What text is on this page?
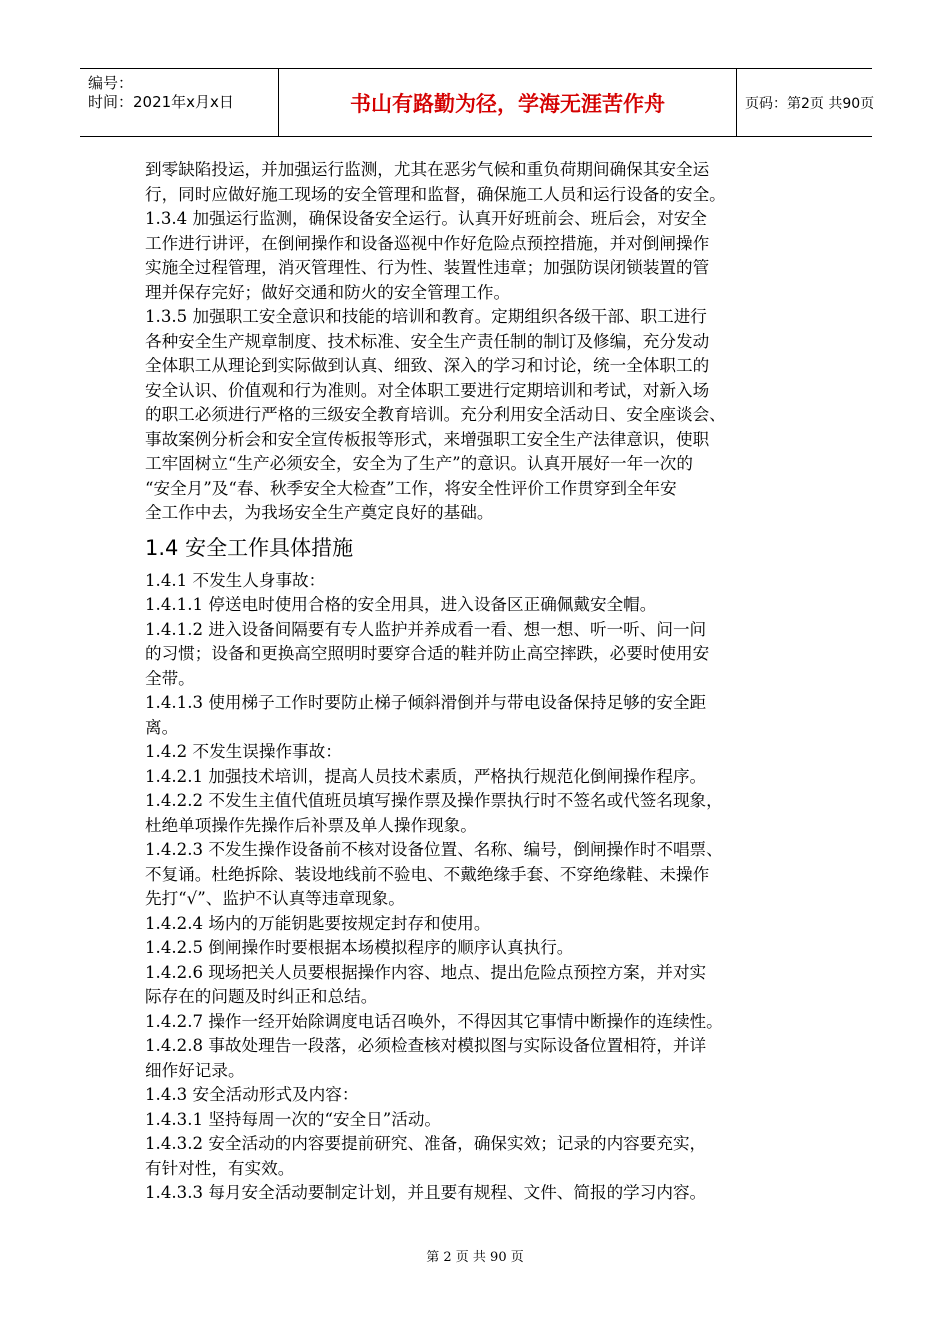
编号：
时间：2021年x月x日	书山有路勤为径，学海无涯苦作舟	页码：第2页 共90页

到零缺陷投运，并加强运行监测，尤其在恶劣气候和重负荷期间确保其安全运

行，同时应做好施工现场的安全管理和监督，确保施工人员和运行设备的安全。

1.3.4 加强运行监测，确保设备安全运行。认真开好班前会、班后会，对安全

工作进行讲评，在倒闸操作和设备巡视中作好危险点预控措施，并对倒闸操作

实施全过程管理，消灭管理性、行为性、装置性违章；加强防误闭锁装置的管

理并保存完好；做好交通和防火的安全管理工作。

1.3.5 加强职工安全意识和技能的培训和教育。定期组织各级干部、职工进行

各种安全生产规章制度、技术标准、安全生产责任制的制订及修编，充分发动

全体职工从理论到实际做到认真、细致、深入的学习和讨论，统一全体职工的

安全认识、价值观和行为准则。对全体职工要进行定期培训和考试，对新入场

的职工必须进行严格的三级安全教育培训。充分利用安全活动日、安全座谈会、

事故案例分析会和安全宣传板报等形式，来增强职工安全生产法律意识，使职

工牢固树立“生产必须安全，安全为了生产”的意识。认真开展好一年一次的

“安全月”及“春、秋季安全大检查”工作，将安全性评价工作贯穿到全年安

全工作中去，为我场安全生产奠定良好的基础。

1.4 安全工作具体措施

1.4.1 不发生人身事故：

1.4.1.1 停送电时使用合格的安全用具，进入设备区正确佩戴安全帽。

1.4.1.2 进入设备间隔要有专人监护并养成看一看、想一想、听一听、问一问

的习惯；设备和更换高空照明时要穿合适的鞋并防止高空摔跌，必要时使用安

全带。

1.4.1.3 使用梯子工作时要防止梯子倾斜滑倒并与带电设备保持足够的安全距

离。

1.4.2 不发生误操作事故：

1.4.2.1 加强技术培训，提高人员技术素质，严格执行规范化倒闸操作程序。

1.4.2.2 不发生主值代值班员填写操作票及操作票执行时不签名或代签名现象，

杜绝单项操作先操作后补票及单人操作现象。

1.4.2.3 不发生操作设备前不核对设备位置、名称、编号，倒闸操作时不唱票、

不复诵。杜绝拆除、装设地线前不验电、不戴绝缘手套、不穿绝缘鞋、未操作

先打“√”、监护不认真等违章现象。

1.4.2.4 场内的万能钥匙要按规定封存和使用。

1.4.2.5 倒闸操作时要根据本场模拟程序的顺序认真执行。

1.4.2.6 现场把关人员要根据操作内容、地点、提出危险点预控方案，并对实

际存在的问题及时纠正和总结。

1.4.2.7 操作一经开始除调度电话召唤外，不得因其它事情中断操作的连续性。

1.4.2.8 事故处理告一段落，必须检查核对模拟图与实际设备位置相符，并详

细作好记录。

1.4.3 安全活动形式及内容：

1.4.3.1 坚持每周一次的“安全日”活动。

1.4.3.2 安全活动的内容要提前研究、准备，确保实效；记录的内容要充实，

有针对性，有实效。

1.4.3.3 每月安全活动要制定计划，并且要有规程、文件、简报的学习内容。

第 2 页 共 90 页
